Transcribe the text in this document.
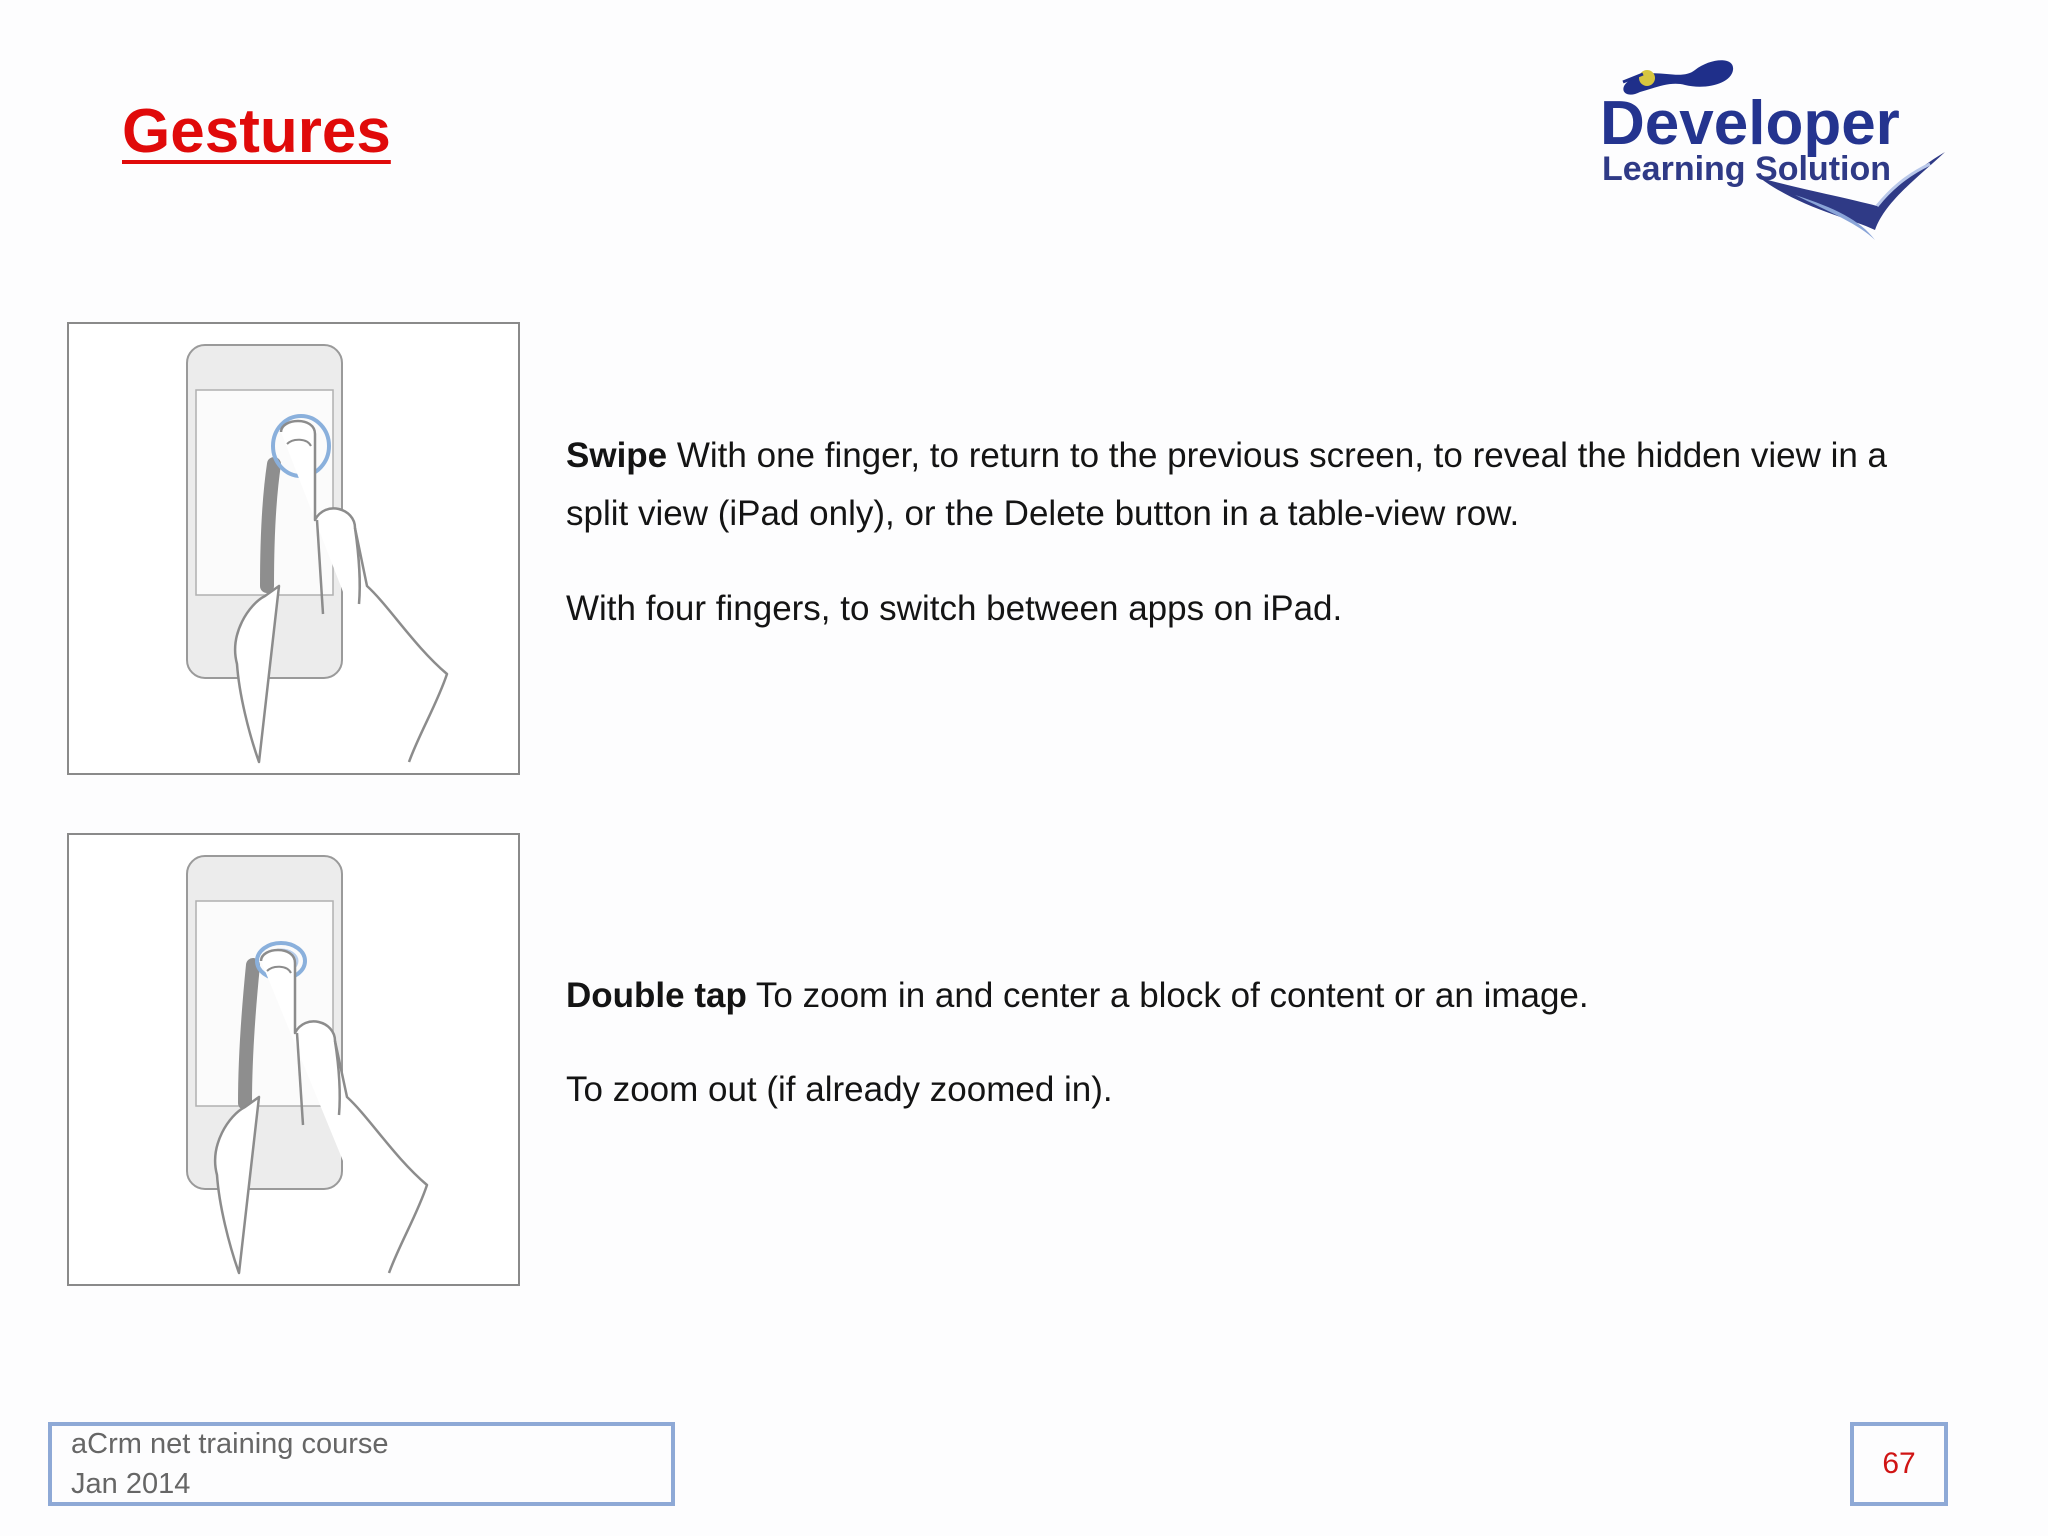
Gestures	Developer
Learning Solution
Swipe With one finger, to return to the previous screen, to reveal the hidden view in a split view (iPad only), or the Delete button in a table-view row.
With four fingers, to switch between apps on iPad.
Double tap To zoom in and center a block of content or an image.
To zoom out (if already zoomed in).
aCrm net training course
Jan 2014
67
